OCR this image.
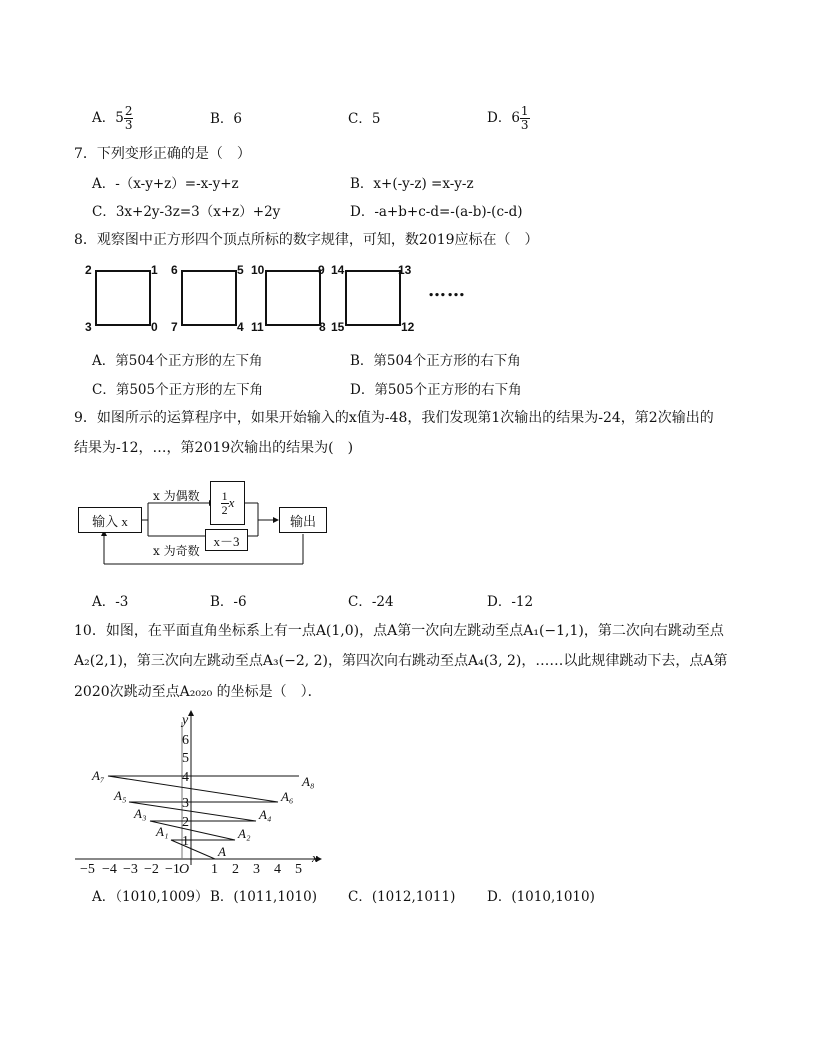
A．$5 \frac{2}{3}$	B．6	C．5	D．$6 \frac{1}{3}$
7．下列变形正确的是（　）
A．-（x-y+z）=-x-y+z	B．x+(-y-z) =x-y-z
C．3x+2y-3z=3（x+z）+2y	D．-a+b+c-d=-(a-b)-(c-d)
8．观察图中正方形四个顶点所标的数字规律，可知，数2019应标在（　）
2	1
3	0
6	5
7	4
10	9
11	8
14	13
15	12
……
A．第504个正方形的左下角	B．第504个正方形的右下角
C．第505个正方形的左下角	D．第505个正方形的右下角
9．如图所示的运算程序中，如果开始输入的x值为-48，我们发现第1次输出的结果为-24，第2次输出的
结果为-12，…，第2019次输出的结果为(　)
输入 x
$\frac{1}{2}$ x
x－3
输出
x 为偶数
x 为奇数
A．-3	B．-6	C．-24	D．-12
10．如图，在平面直角坐标系上有一点A(1,0)，点A第一次向左跳动至点A₁(−1,1)，第二次向右跳动至点
A₂(2,1)，第三次向左跳动至点A₃(−2, 2)，第四次向右跳动至点A₄(3, 2)，……以此规律跳动下去，点A第
2020次跳动至点A₂₀₂₀ 的坐标是（　）．
y
x
O
−5 −4 −3 −2 −1 1 2 3 4 5
1
2
3
4
5
6
A
A₁	A₂
A₃	A₄
A₅	A₆
A₇	A₈
A．（1010,1009） B．(1011,1010) C．(1012,1011) D．(1010,1010)
